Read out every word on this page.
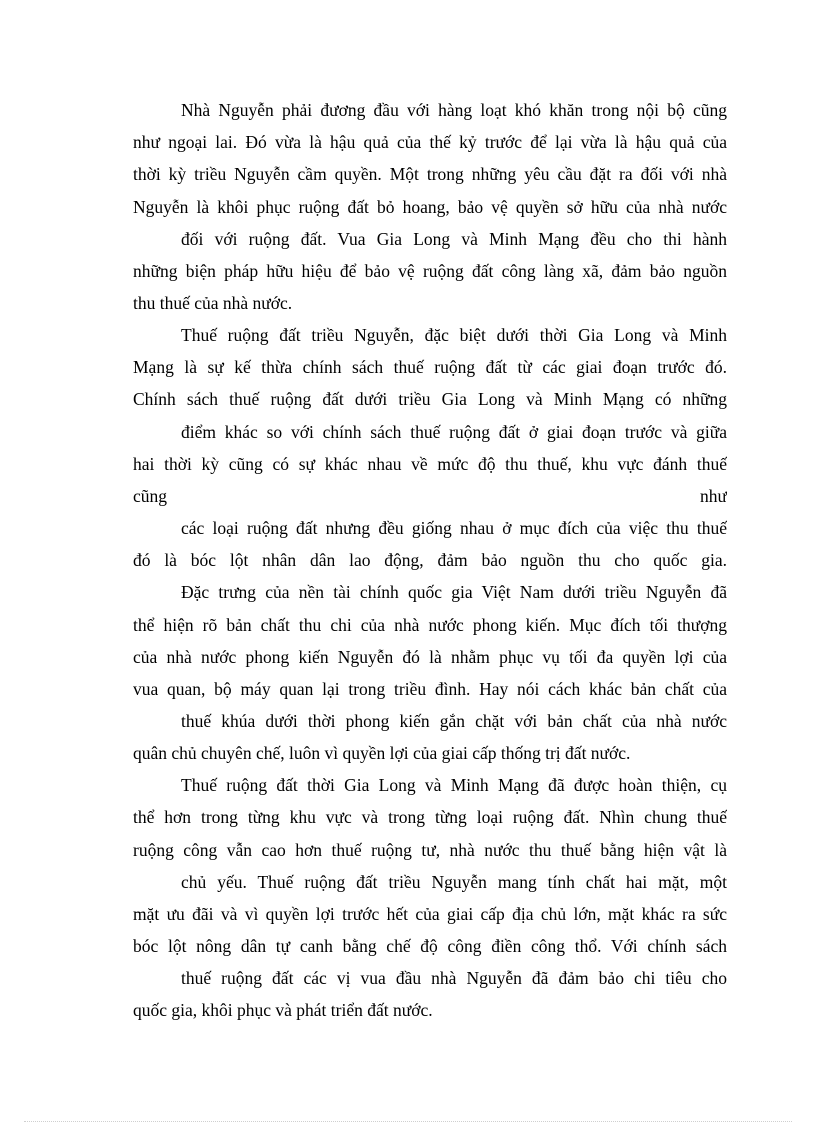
Nhà Nguyễn phải đương đầu với hàng loạt khó khăn trong nội bộ cũng
như ngoại lai. Đó vừa là hậu quả của thế kỷ trước để lại vừa là hậu quả của
thời kỳ triều Nguyễn cầm quyền. Một trong những yêu cầu đặt ra đối với nhà
Nguyễn là khôi phục ruộng đất bỏ hoang, bảo vệ quyền sở hữu của nhà nước
đối với ruộng đất. Vua Gia Long và Minh Mạng đều cho thi hành
những biện pháp hữu hiệu để bảo vệ ruộng đất công làng xã, đảm bảo nguồn
thu thuế của nhà nước.
Thuế ruộng đất triều Nguyễn, đặc biệt dưới thời Gia Long và Minh
Mạng là sự kế thừa chính sách thuế ruộng đất từ các giai đoạn trước đó.
Chính sách thuế ruộng đất dưới triều Gia Long và Minh Mạng có những
điểm khác so với chính sách thuế ruộng đất ở giai đoạn trước và giữa
hai thời kỳ cũng có sự khác nhau về mức độ thu thuế, khu vực đánh thuế
cũng như
các loại ruộng đất nhưng đều giống nhau ở mục đích của việc thu thuế
đó là bóc lột nhân dân lao động, đảm bảo nguồn thu cho quốc gia.
Đặc trưng của nền tài chính quốc gia Việt Nam dưới triều Nguyễn đã
thể hiện rõ bản chất thu chi của nhà nước phong kiến. Mục đích tối thượng
của nhà nước phong kiến Nguyễn đó là nhằm phục vụ tối đa quyền lợi của
vua quan, bộ máy quan lại trong triều đình. Hay nói cách khác bản chất của
thuế khúa dưới thời phong kiến gắn chặt với bản chất của nhà nước
quân chủ chuyên chế, luôn vì quyền lợi của giai cấp thống trị đất nước.
Thuế ruộng đất thời Gia Long và Minh Mạng đã được hoàn thiện, cụ
thể hơn trong từng khu vực và trong từng loại ruộng đất. Nhìn chung thuế
ruộng công vẫn cao hơn thuế ruộng tư, nhà nước thu thuế bằng hiện vật là
chủ yếu. Thuế ruộng đất triều Nguyễn mang tính chất hai mặt, một
mặt ưu đãi và vì quyền lợi trước hết của giai cấp địa chủ lớn, mặt khác ra sức
bóc lột nông dân tự canh bằng chế độ công điền công thổ. Với chính sách
thuế ruộng đất các vị vua đầu nhà Nguyễn đã đảm bảo chi tiêu cho
quốc gia, khôi phục và phát triển đất nước.
